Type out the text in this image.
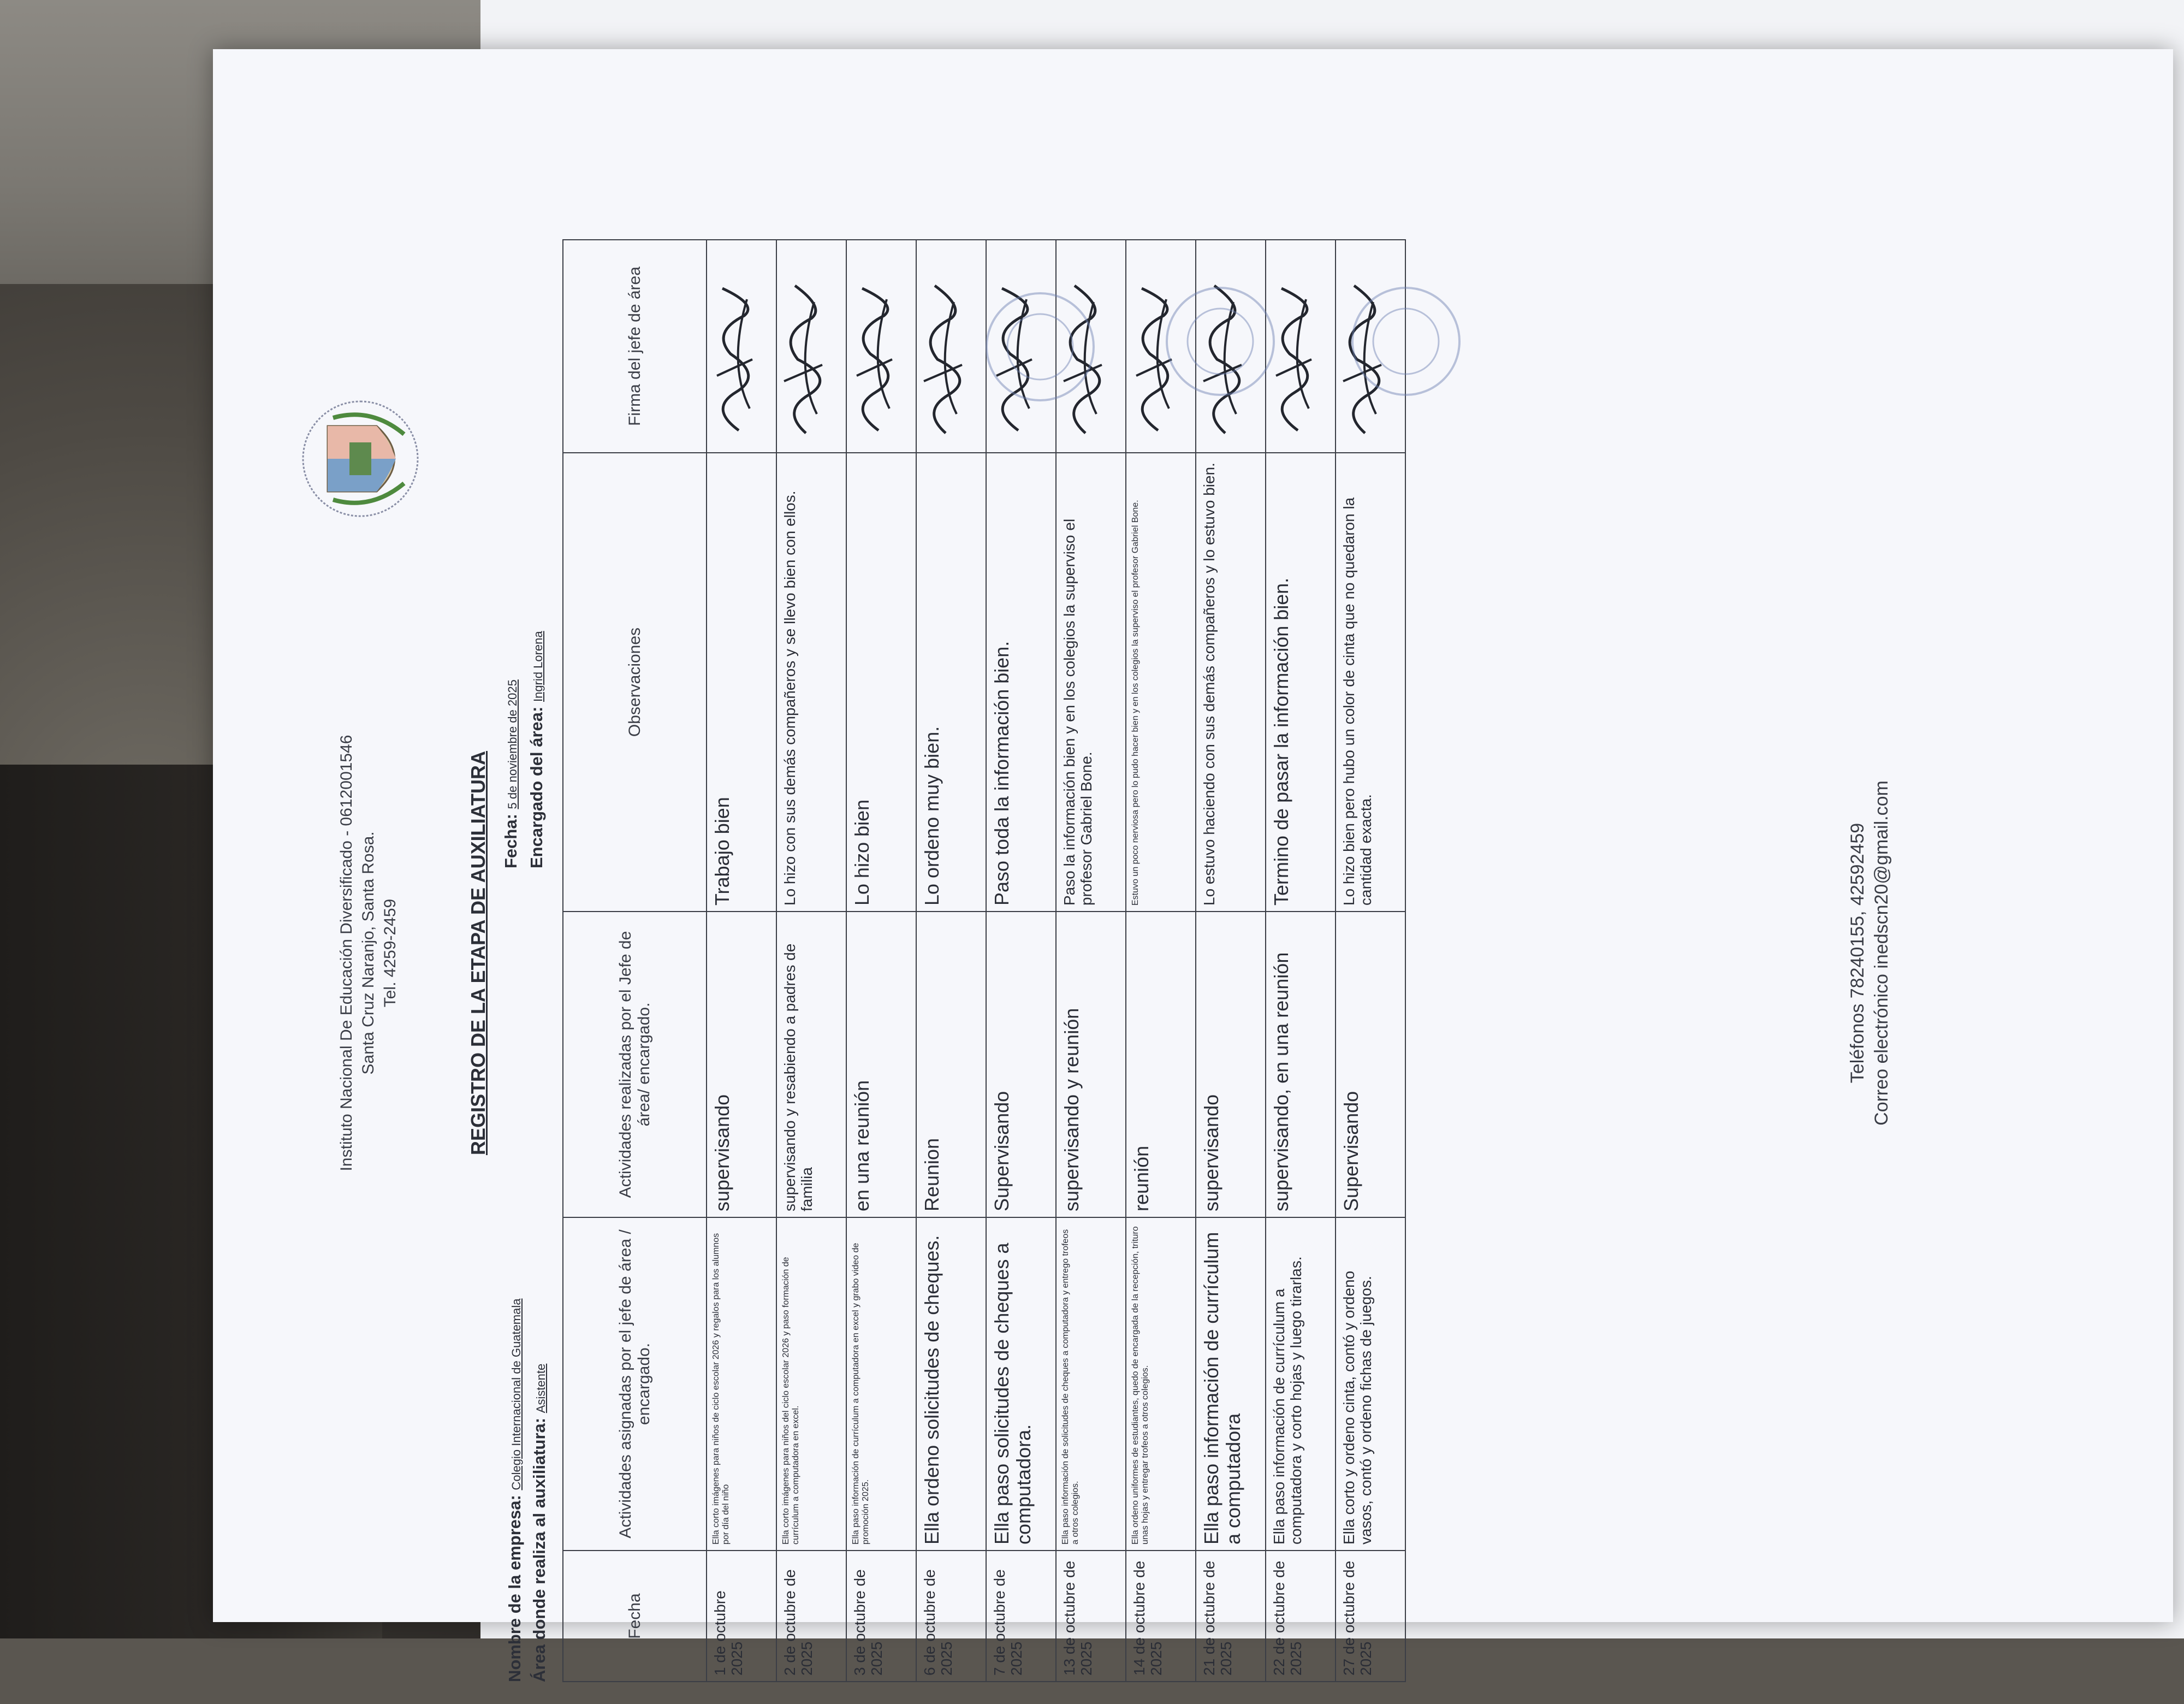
Instituto Nacional De Educación Diversificado - 0612001546 Santa Cruz Naranjo, Santa Rosa. Tel. 4259-2459	REGISTRO DE LA ETAPA DE AUXILIATURA
Nombre de la empresa: Colegio Internacional de Guatemala
Área donde realiza al auxiliatura: Asistente
Fecha: 5 de noviembre de 2025 Encargado del área: Ingrid Lorena
Fecha	Actividades asignadas por el jefe de área / encargado.	Actividades realizadas por el Jefe de área/ encargado.	Observaciones	Firma del jefe de área
1 de octubre 2025	Ella corto imágenes para niños de ciclo escolar 2026 y regalos para los alumnos por día del niño	supervisando	Trabajo bien	

2 de octubre de 2025	Ella corto imágenes para niños del ciclo escolar 2026 y paso formación de currículum a computadora en excel.	supervisando y resabiendo a padres de familia	Lo hizo con sus demás compañeros y se llevo bien con ellos.	

3 de octubre de 2025	Ella paso información de currículum a computadora en excel y grabo video de promoción 2025.	en una reunión	Lo hizo bien	

6 de octubre de 2025	Ella ordeno solicitudes de cheques.	Reunion	Lo ordeno muy bien.	

7 de octubre de 2025	Ella paso solicitudes de cheques a computadora.	Supervisando	Paso toda la información bien.	

13 de octubre de 2025	Ella paso información de solicitudes de cheques a computadora y entrego trofeos a otros colegios.	supervisando y reunión	Paso la información bien y en los colegios la superviso el profesor Gabriel Bone.	

14 de octubre de 2025	Ella ordeno uniformes de estudiantes, quedo de encargada de la recepción, trituro unas hojas y entregar trofeos a otros colegios.	reunión	Estuvo un poco nerviosa pero lo pudo hacer bien y en los colegios la superviso el profesor Gabriel Bone.	

21 de octubre de 2025	Ella paso información de currículum a computadora	supervisando	Lo estuvo haciendo con sus demás compañeros y lo estuvo bien.	

22 de octubre de 2025	Ella paso información de currículum a computadora y corto hojas y luego tirarlas.	supervisando, en una reunión	Termino de pasar la información bien.	

27 de octubre de 2025	Ella corto y ordeno cinta, contó y ordeno vasos, contó y ordeno fichas de juegos.	Supervisando	Lo hizo bien pero hubo un color de cinta que no quedaron la cantidad exacta.		Teléfonos 78240155, 42592459 Correo electrónico inedscn20@gmail.com
